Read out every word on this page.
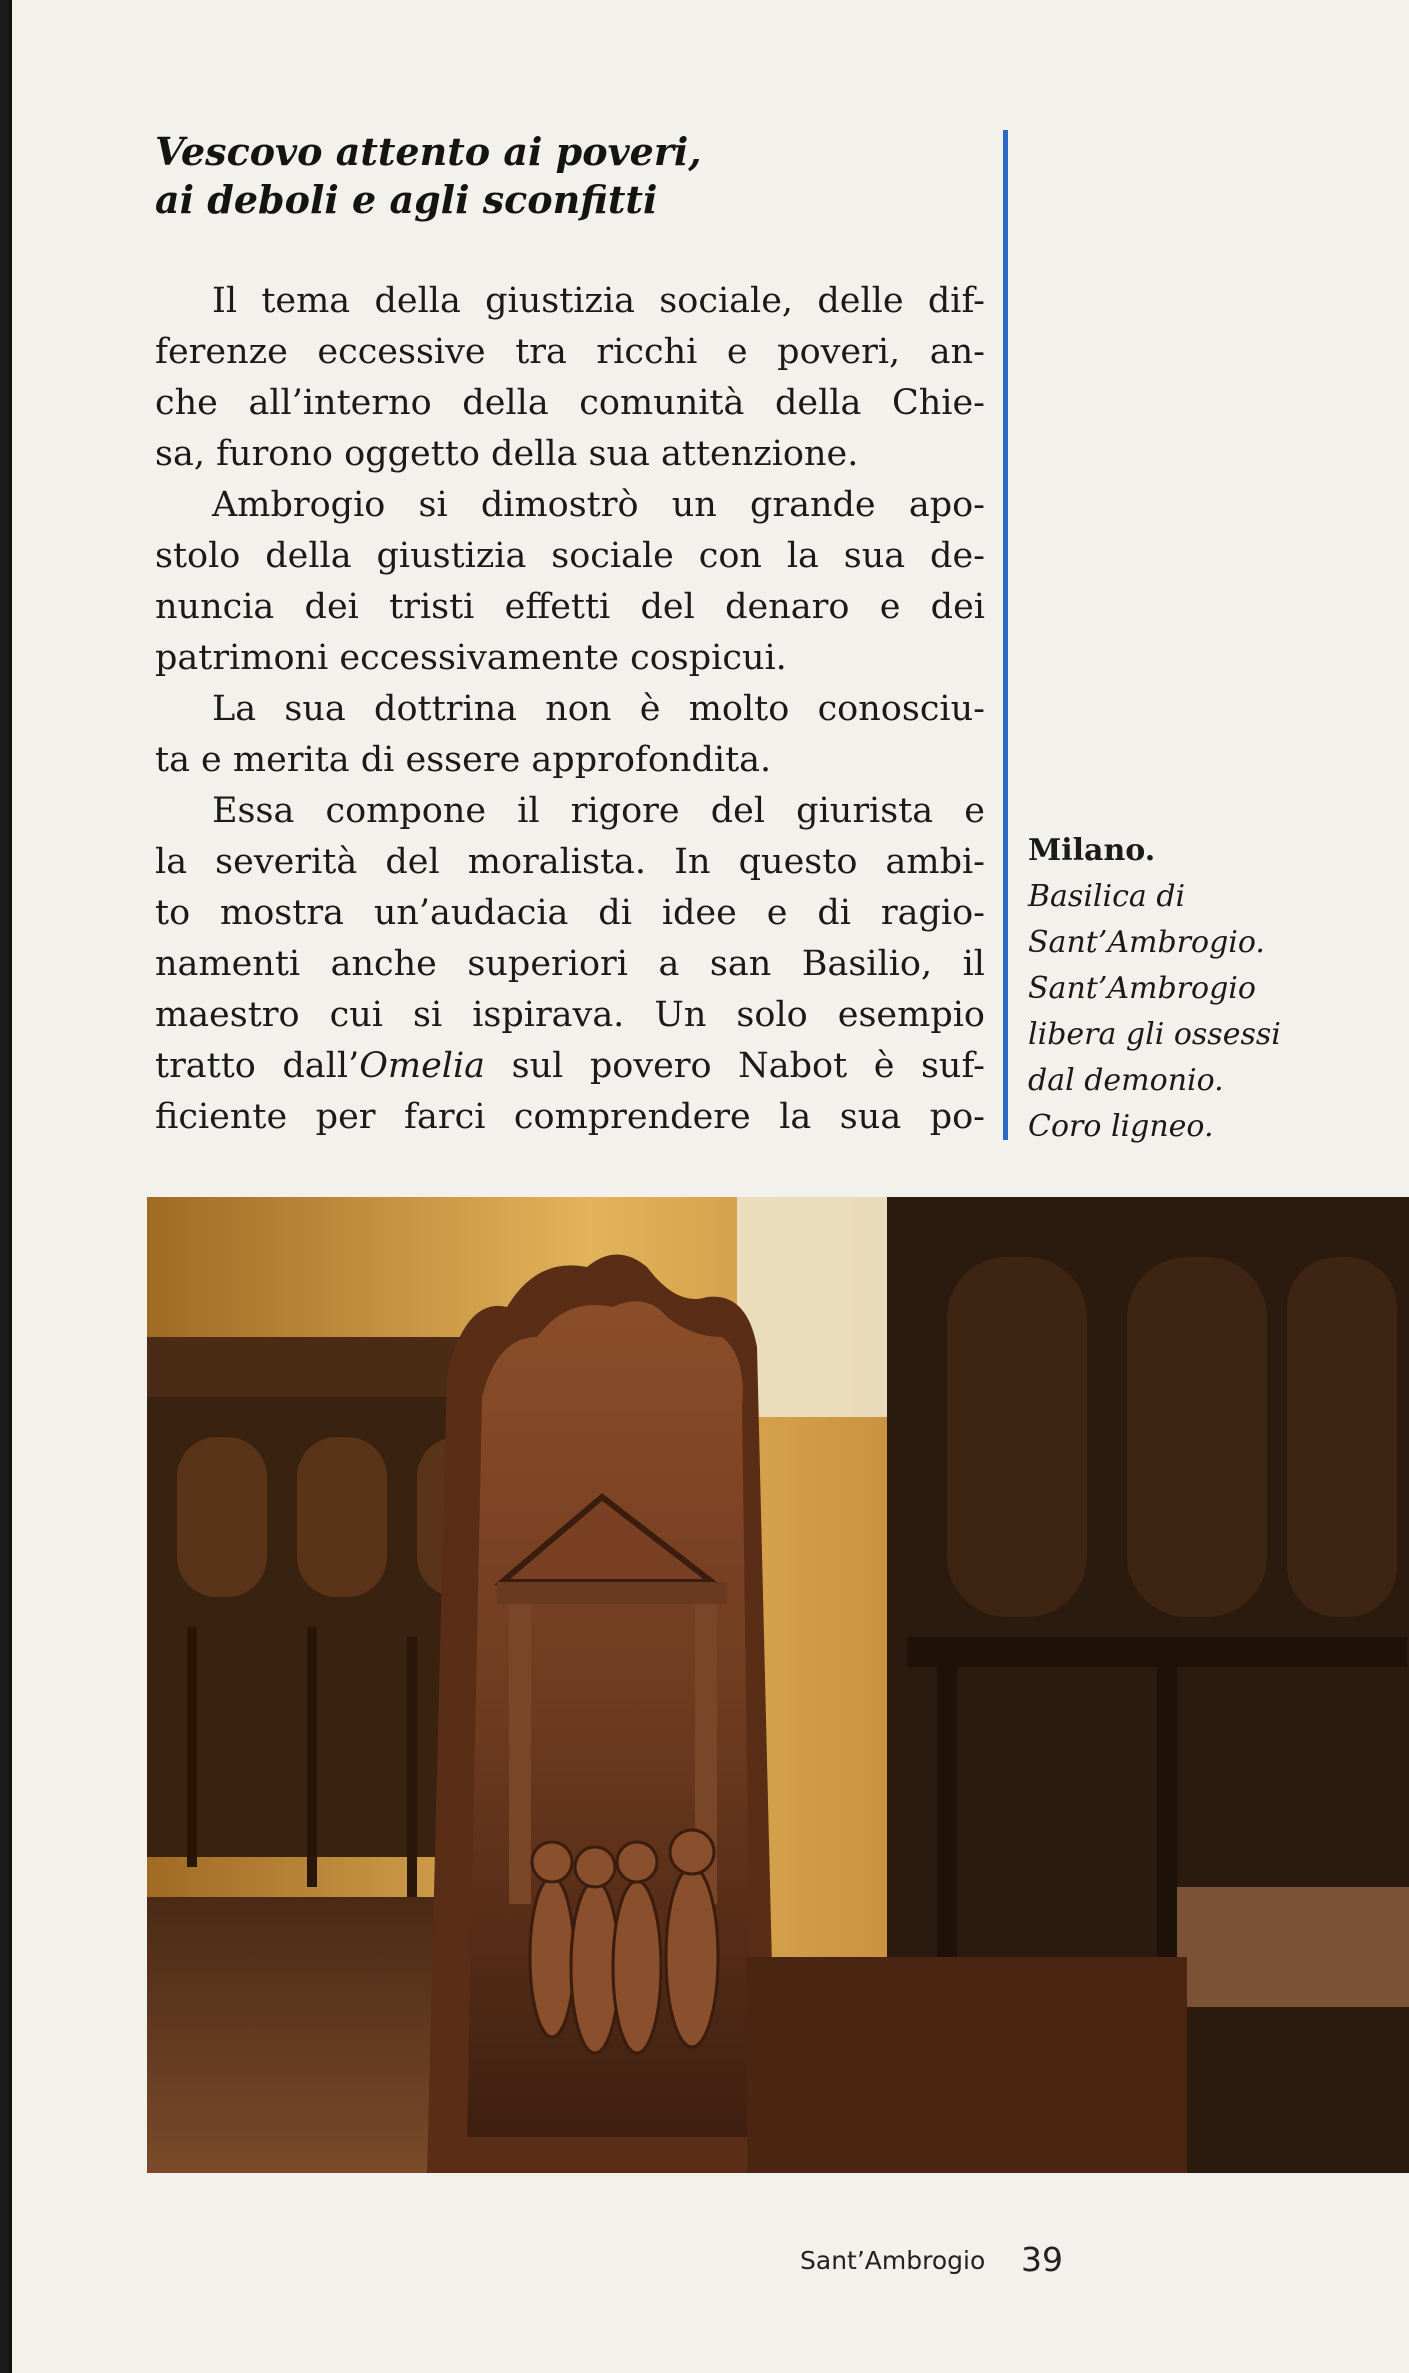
Vescovo attento ai poveri,
ai deboli e agli sconfitti
Il tema della giustizia sociale, delle dif-
ferenze eccessive tra ricchi e poveri, an-
che all’interno della comunità della Chie-
sa, furono oggetto della sua attenzione.
Ambrogio si dimostrò un grande apo-
stolo della giustizia sociale con la sua de-
nuncia dei tristi effetti del denaro e dei
patrimoni eccessivamente cospicui.
La sua dottrina non è molto conosciu-
ta e merita di essere approfondita.
Essa compone il rigore del giurista e
la severità del moralista. In questo ambi-
to mostra un’audacia di idee e di ragio-
namenti anche superiori a san Basilio, il
maestro cui si ispirava. Un solo esempio
tratto dall’Omelia sul povero Nabot è suf-
ficiente per farci comprendere la sua po-
Milano.
Basilica di
Sant’Ambrogio.
Sant’Ambrogio
libera gli ossessi
dal demonio.
Coro ligneo.
Sant’Ambrogio 39
